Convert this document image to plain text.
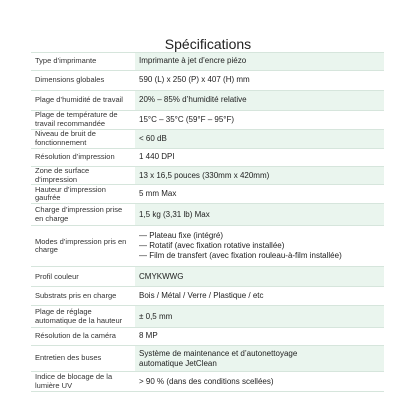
Spécifications
Type d’imprimante	Imprimante à jet d’encre piézo
Dimensions globales	590 (L) x 250 (P) x 407 (H) mm
Plage d’humidité de travail	20% – 85% d’humidité relative
Plage de température de travail recommandée	15°C – 35°C (59°F – 95°F)
Niveau de bruit de fonctionnement	< 60 dB
Résolution d’impression	1 440 DPI
Zone de surface d’impression	13 x 16,5 pouces (330mm x 420mm)
Hauteur d’impression gaufrée	5 mm Max
Charge d’impression prise en charge	1,5 kg (3,31 lb) Max
Modes d’impression pris en charge
— Plateau fixe (intégré)
— Rotatif (avec fixation rotative installée)
— Film de transfert (avec fixation rouleau-à-film installée)
Profil couleur	CMYKWWG
Substrats pris en charge	Bois / Métal / Verre / Plastique / etc
Plage de réglage automatique de la hauteur	± 0,5 mm
Résolution de la caméra	8 MP
Entretien des buses
Système de maintenance et d’autonettoyage
automatique JetClean
Indice de blocage de la lumière UV	> 90 % (dans des conditions scellées)
